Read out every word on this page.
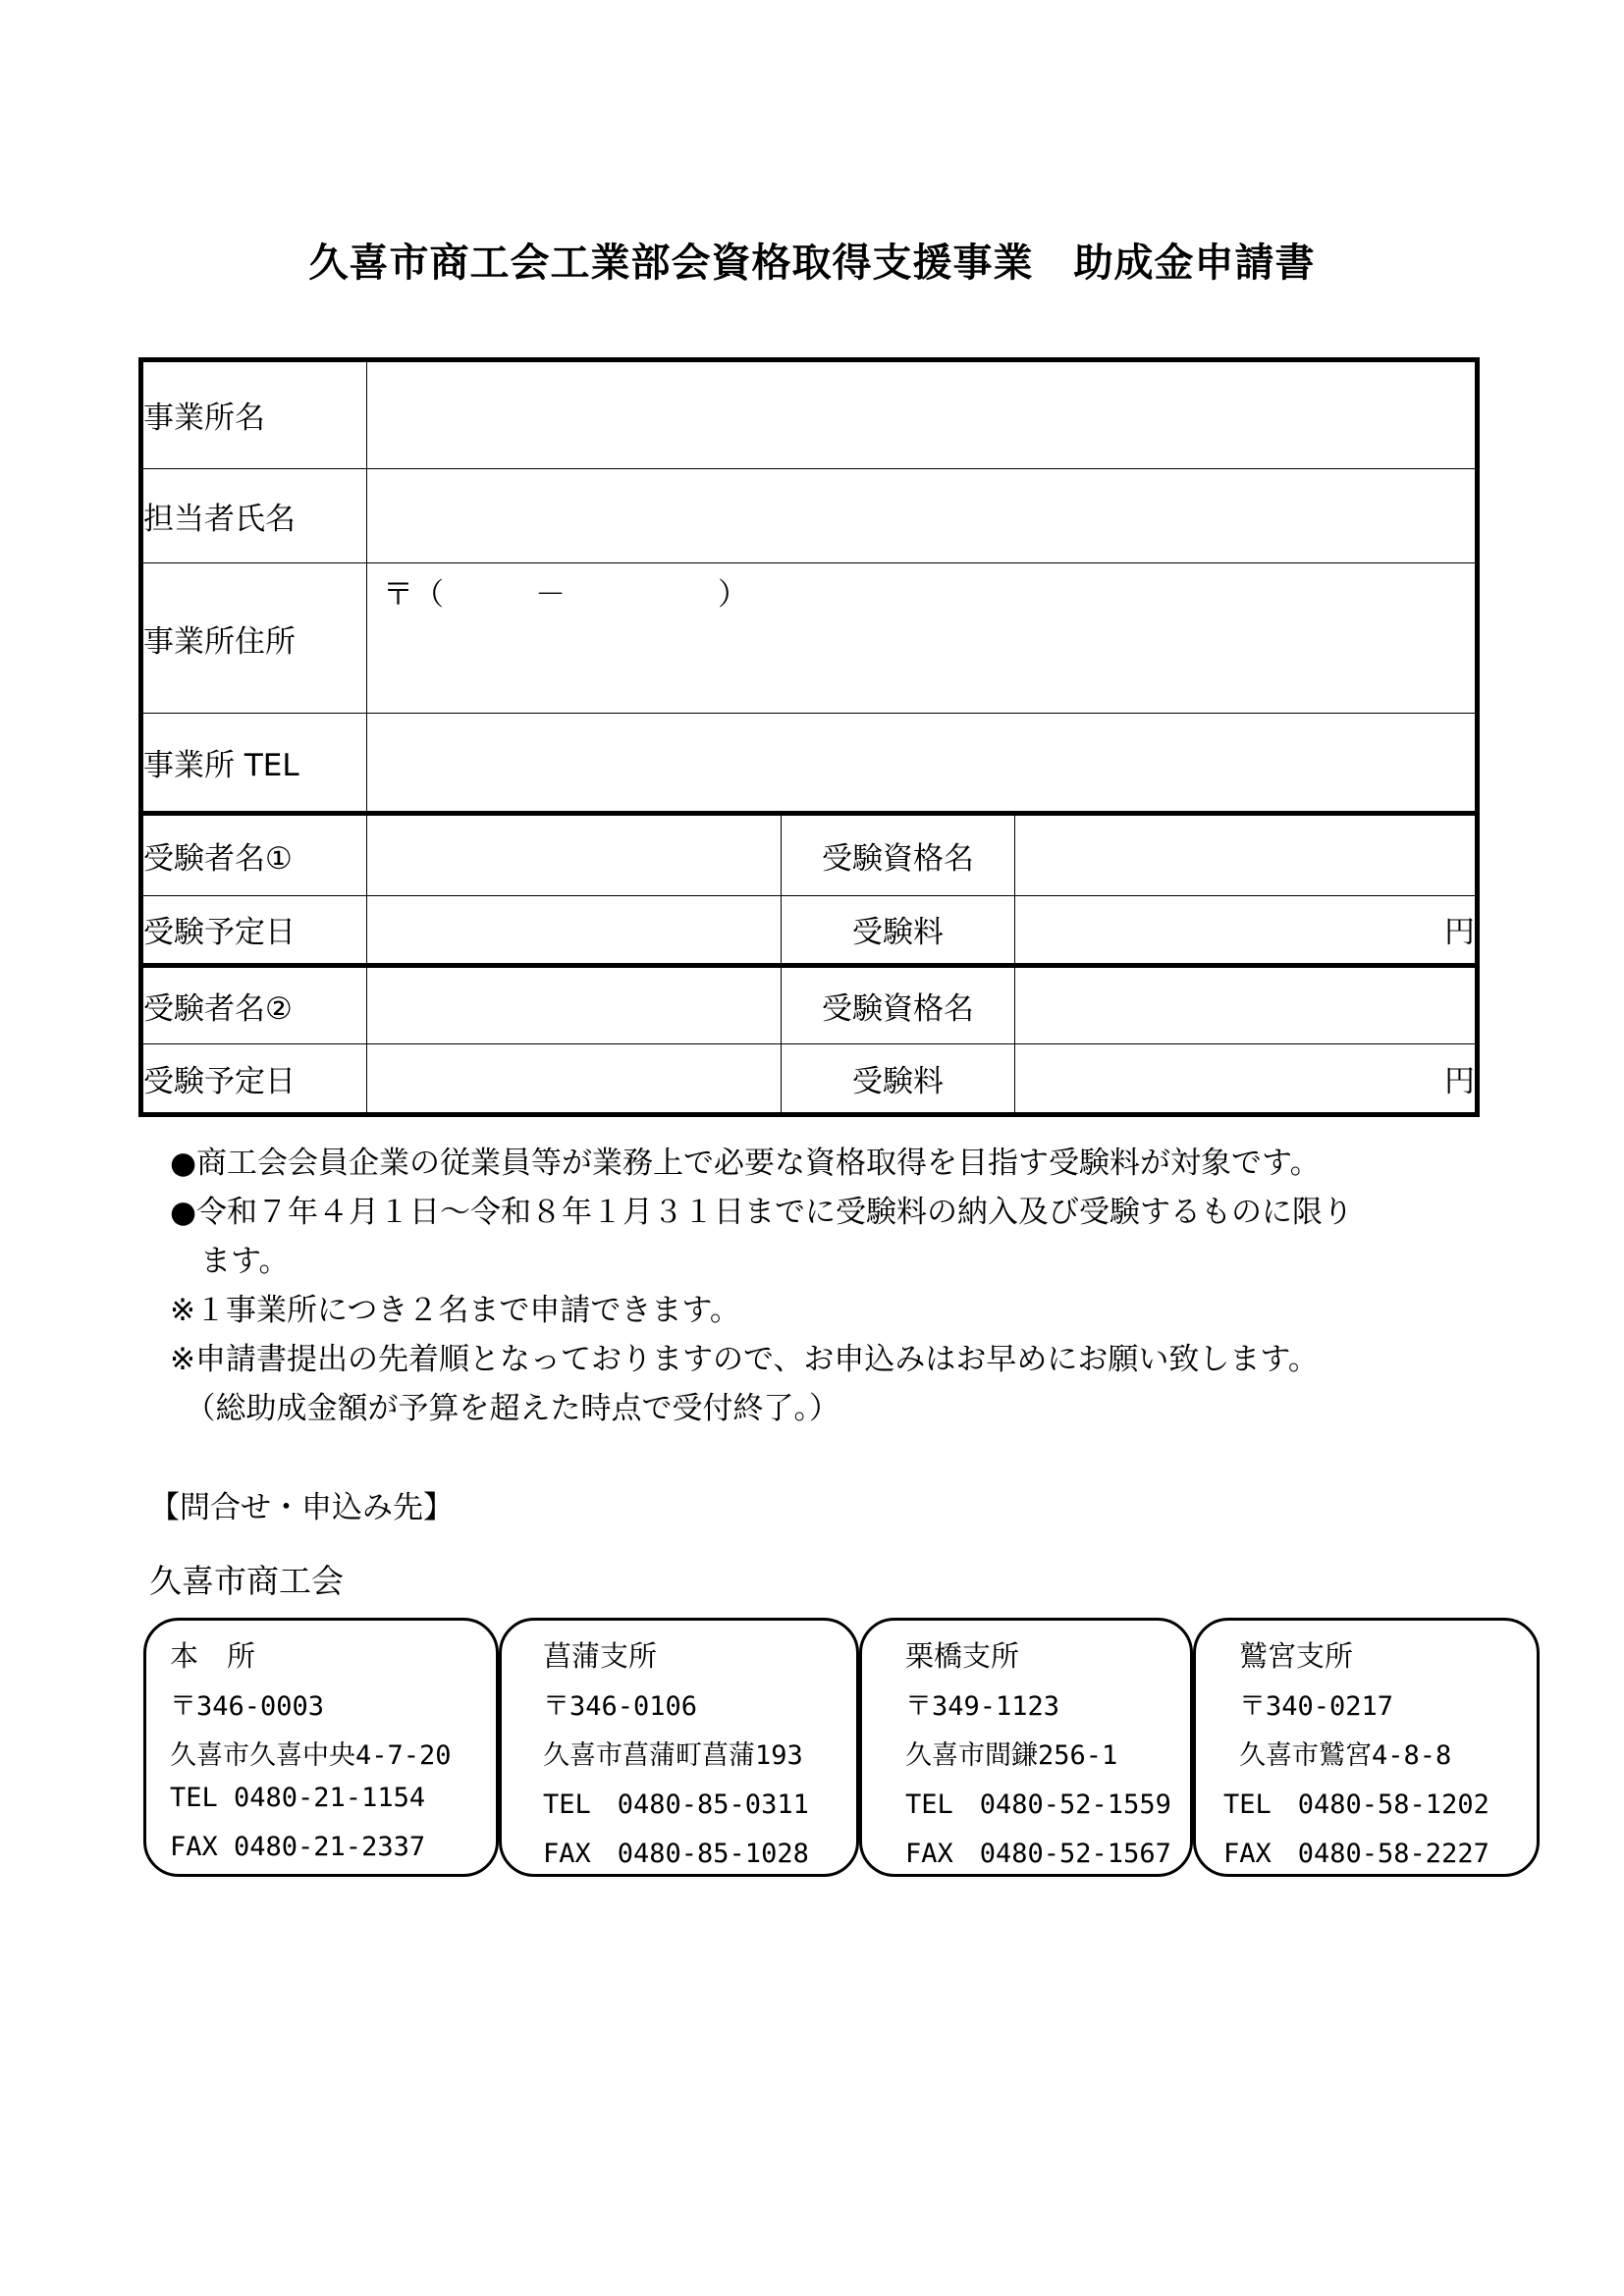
久喜市商工会工業部会資格取得支援事業　助成金申請書
事業所名			
担当者氏名			
事業所住所	〒（　　　－　　　　　）		

事業所 TEL			
受験者名①		受験資格名	
受験予定日		受験料	円
受験者名②		受験資格名	
受験予定日		受験料	円
●商工会会員企業の従業員等が業務上で必要な資格取得を目指す受験料が対象です。
●令和７年４月１日～令和８年１月３１日までに受験料の納入及び受験するものに限り
　ます。
※１事業所につき２名まで申請できます。
※申請書提出の先着順となっておりますので、お申込みはお早めにお願い致します。
　（総助成金額が予算を超えた時点で受付終了。）
【問合せ・申込み先】
久喜市商工会
本　所
〒346-0003
久喜市久喜中央4-7-20
TEL 0480-21-1154
FAX 0480-21-2337
菖蒲支所
〒346-0106
久喜市菖蒲町菖蒲193
TEL　0480-85-0311
FAX　0480-85-1028
栗橋支所
〒349-1123
久喜市間鎌256-1
TEL　0480-52-1559
FAX　0480-52-1567
鷲宮支所
〒340-0217
久喜市鷲宮4-8-8
TEL　0480-58-1202
FAX　0480-58-2227
